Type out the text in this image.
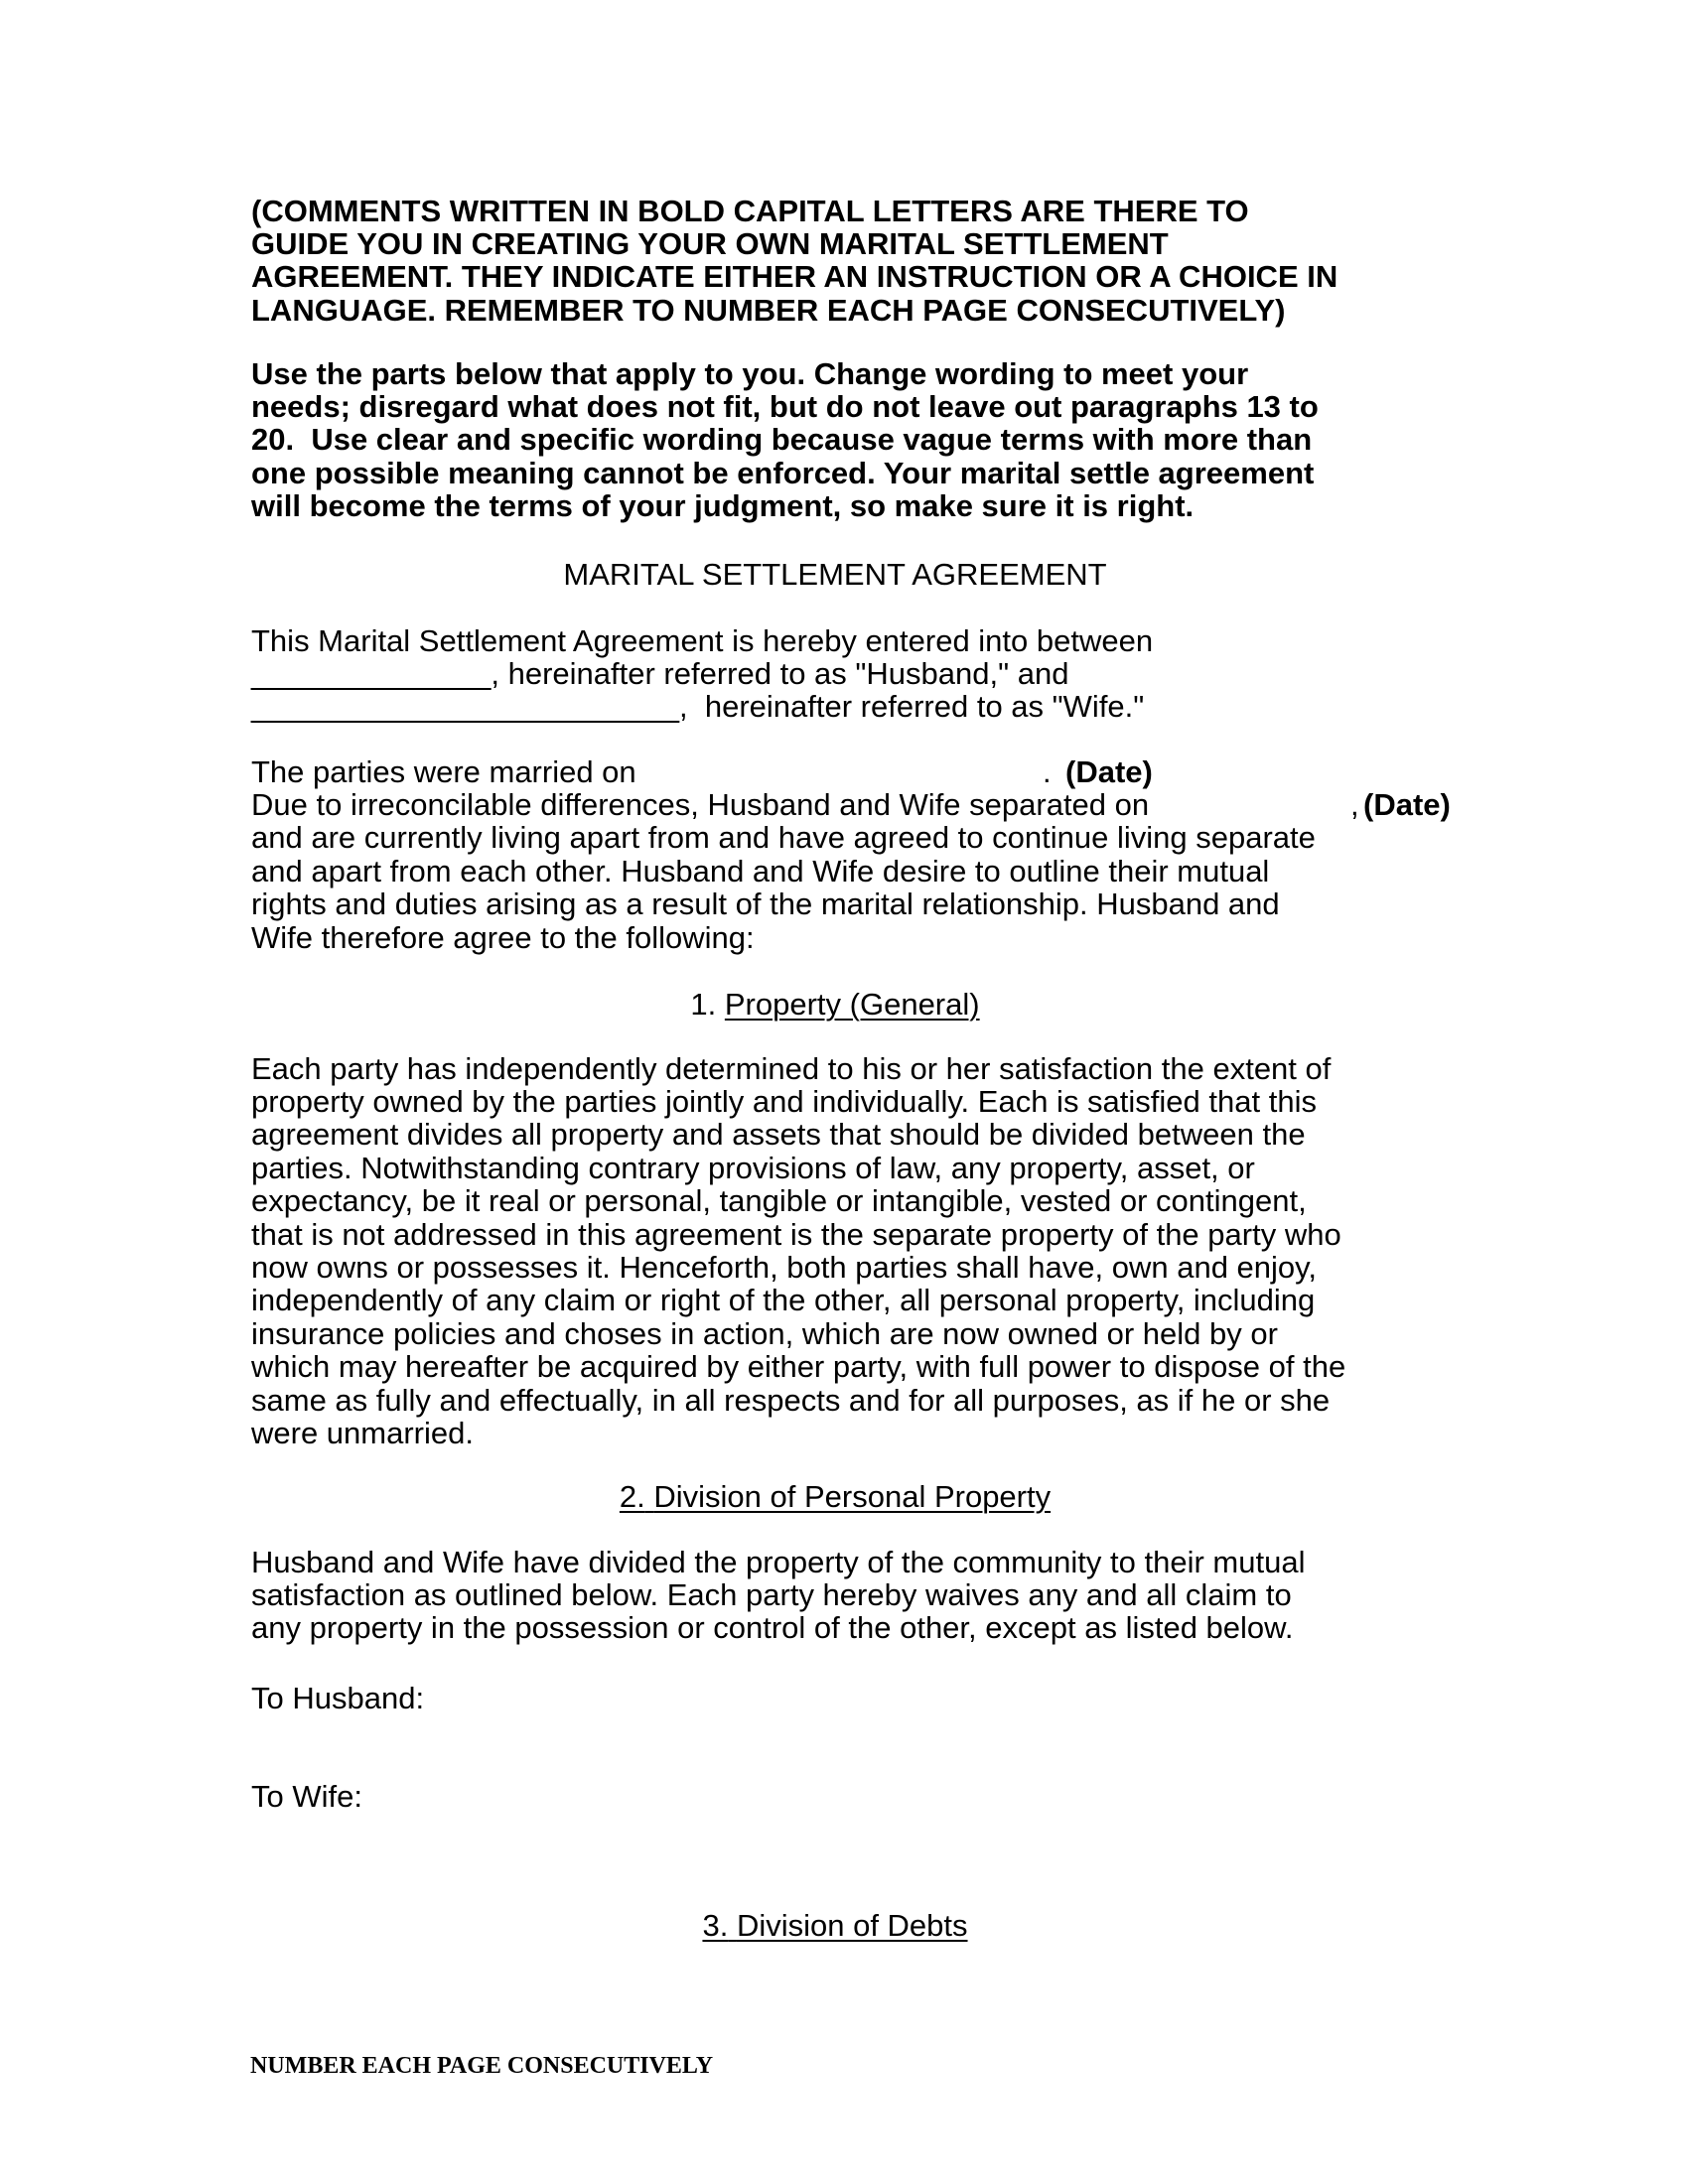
(COMMENTS WRITTEN IN BOLD CAPITAL LETTERS ARE THERE TO
GUIDE YOU IN CREATING YOUR OWN MARITAL SETTLEMENT
AGREEMENT. THEY INDICATE EITHER AN INSTRUCTION OR A CHOICE IN
LANGUAGE. REMEMBER TO NUMBER EACH PAGE CONSECUTIVELY)
Use the parts below that apply to you. Change wording to meet your
needs; disregard what does not fit, but do not leave out paragraphs 13 to
20.  Use clear and specific wording because vague terms with more than
one possible meaning cannot be enforced. Your marital settle agreement
will become the terms of your judgment, so make sure it is right.
MARITAL SETTLEMENT AGREEMENT
This Marital Settlement Agreement is hereby entered into between
______________, hereinafter referred to as "Husband," and
_________________________,  hereinafter referred to as "Wife."

The parties were married on

	.

(Date)

Due to irreconcilable differences, Husband and Wife separated on

	,

(Date)

and are currently living apart from and have agreed to continue living separate
and apart from each other. Husband and Wife desire to outline their mutual
rights and duties arising as a result of the marital relationship. Husband and
Wife therefore agree to the following:
1. Property (General)
Each party has independently determined to his or her satisfaction the extent of
property owned by the parties jointly and individually. Each is satisfied that this
agreement divides all property and assets that should be divided between the
parties. Notwithstanding contrary provisions of law, any property, asset, or
expectancy, be it real or personal, tangible or intangible, vested or contingent,
that is not addressed in this agreement is the separate property of the party who
now owns or possesses it. Henceforth, both parties shall have, own and enjoy,
independently of any claim or right of the other, all personal property, including
insurance policies and choses in action, which are now owned or held by or
which may hereafter be acquired by either party, with full power to dispose of the
same as fully and effectually, in all respects and for all purposes, as if he or she
were unmarried.
2. Division of Personal Property
Husband and Wife have divided the property of the community to their mutual
satisfaction as outlined below. Each party hereby waives any and all claim to
any property in the possession or control of the other, except as listed below.
To Husband:
To Wife:
3. Division of Debts
NUMBER EACH PAGE CONSECUTIVELY
